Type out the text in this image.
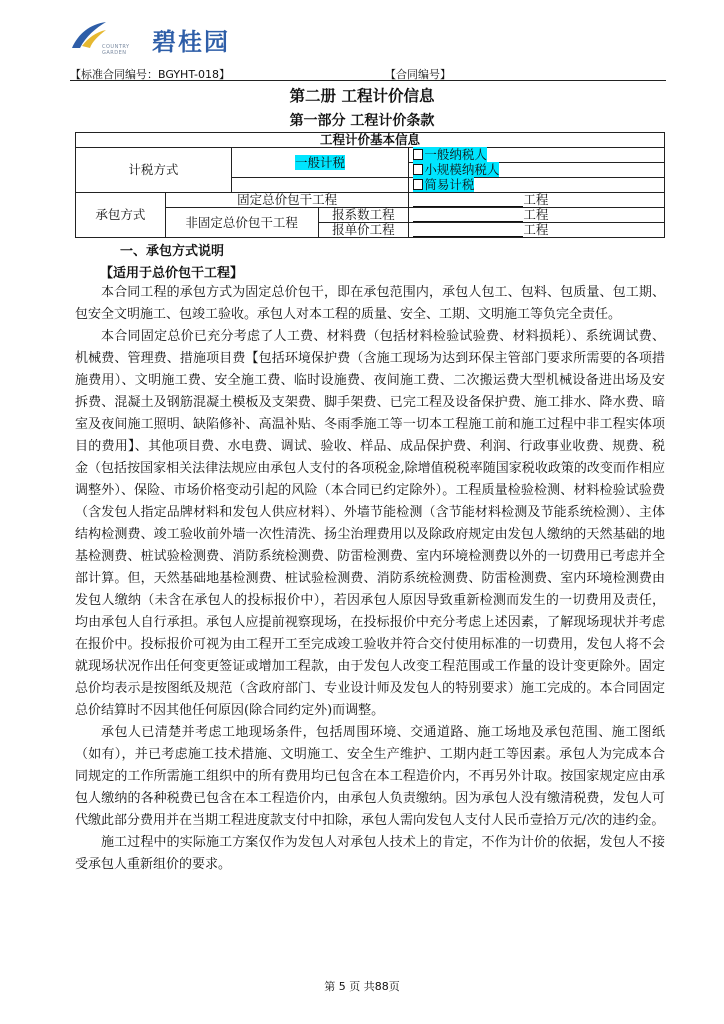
COUNTRY
GARDEN 碧桂园
【标准合同编号：BGYHT-018】	【合同编号】
第二册 工程计价信息
第一部分 工程计价条款
工程计价基本信息				
计税方式		一般计税		一般纳税人
				小规模纳税人
				简易计税
承包方式	固定总价包干工程			工程
	非固定总价包干工程		报系数工程	工程
			报单价工程	工程
一、承包方式说明
【适用于总价包干工程】

本合同工程的承包方式为固定总价包干，即在承包范围内，承包人包工、包料、包质量、包工期、包安全文明施工、包竣工验收。承包人对本工程的质量、安全、工期、文明施工等负完全责任。

本合同固定总价已充分考虑了人工费、材料费（包括材料检验试验费、材料损耗）、系统调试费、机械费、管理费、措施项目费【包括环境保护费（含施工现场为达到环保主管部门要求所需要的各项措施费用）、文明施工费、安全施工费、临时设施费、夜间施工费、二次搬运费大型机械设备进出场及安拆费、混凝土及钢筋混凝土模板及支架费、脚手架费、已完工程及设备保护费、施工排水、降水费、暗室及夜间施工照明、缺陷修补、高温补贴、冬雨季施工等一切本工程施工前和施工过程中非工程实体项目的费用】、其他项目费、水电费、调试、验收、样品、成品保护费、利润、行政事业收费、规费、税金（包括按国家相关法律法规应由承包人支付的各项税金,除增值税税率随国家税收政策的改变而作相应调整外）、保险、市场价格变动引起的风险（本合同已约定除外）。工程质量检验检测、材料检验试验费（含发包人指定品牌材料和发包人供应材料）、外墙节能检测（含节能材料检测及节能系统检测）、主体结构检测费、竣工验收前外墙一次性清洗、扬尘治理费用以及除政府规定由发包人缴纳的天然基础的地基检测费、桩试验检测费、消防系统检测费、防雷检测费、室内环境检测费以外的一切费用已考虑并全部计算。但，天然基础地基检测费、桩试验检测费、消防系统检测费、防雷检测费、室内环境检测费由发包人缴纳（未含在承包人的投标报价中），若因承包人原因导致重新检测而发生的一切费用及责任，均由承包人自行承担。承包人应提前视察现场，在投标报价中充分考虑上述因素，了解现场现状并考虑在报价中。投标报价可视为由工程开工至完成竣工验收并符合交付使用标准的一切费用，发包人将不会就现场状况作出任何变更签证或增加工程款，由于发包人改变工程范围或工作量的设计变更除外。固定总价均表示是按图纸及规范（含政府部门、专业设计师及发包人的特别要求）施工完成的。本合同固定总价结算时不因其他任何原因(除合同约定外)而调整。

承包人已清楚并考虑工地现场条件，包括周围环境、交通道路、施工场地及承包范围、施工图纸（如有），并已考虑施工技术措施、文明施工、安全生产维护、工期内赶工等因素。承包人为完成本合同规定的工作所需施工组织中的所有费用均已包含在本工程造价内，不再另外计取。按国家规定应由承包人缴纳的各种税费已包含在本工程造价内，由承包人负责缴纳。因为承包人没有缴清税费，发包人可代缴此部分费用并在当期工程进度款支付中扣除，承包人需向发包人支付人民币壹拾万元/次的违约金。

施工过程中的实际施工方案仅作为发包人对承包人技术上的肯定，不作为计价的依据，发包人不接受承包人重新组价的要求。

第 5 页 共88页
